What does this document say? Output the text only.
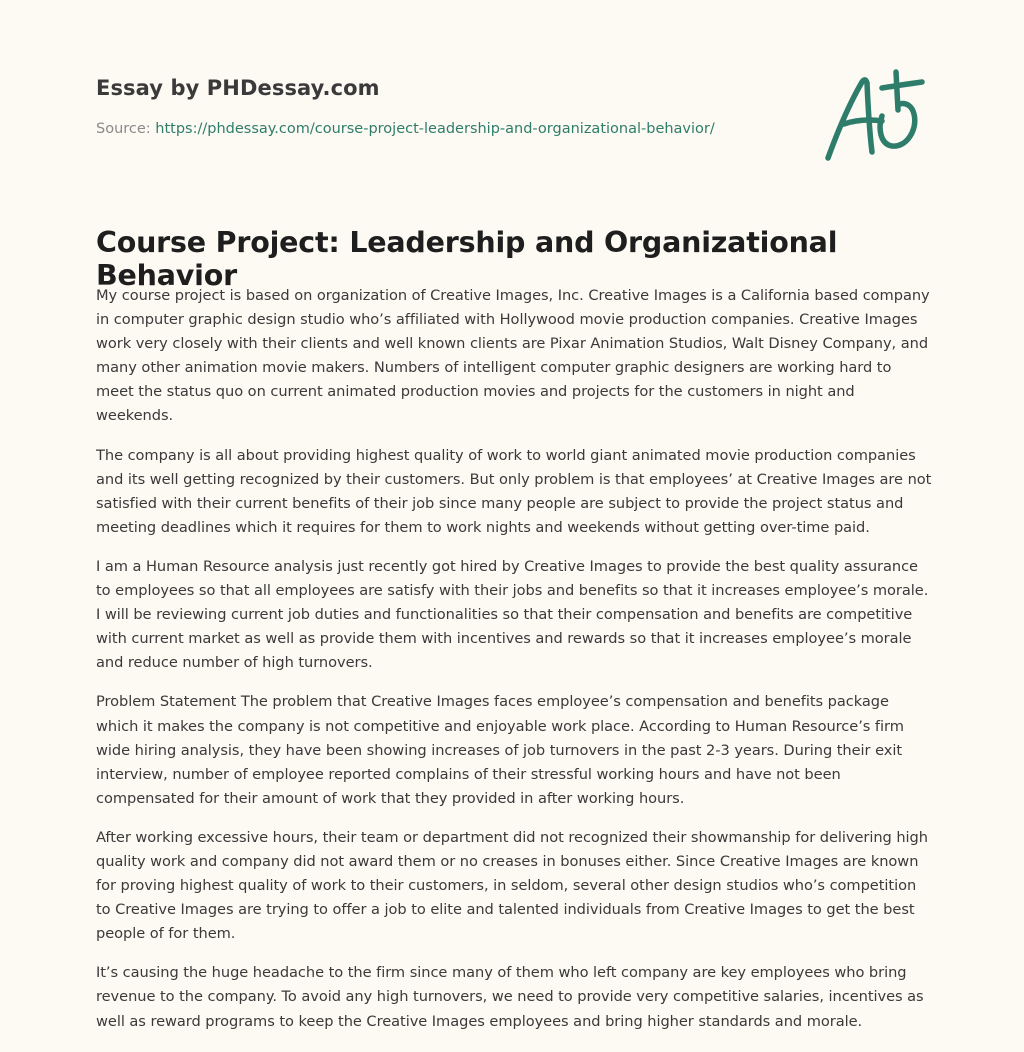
Essay by PHDessay.com
Source: https://phdessay.com/course-project-leadership-and-organizational-behavior/
Course Project: Leadership and Organizational Behavior

My course project is based on organization of Creative Images, Inc. Creative Images is a California based company in computer graphic design studio who’s affiliated with Hollywood movie production companies. Creative Images work very closely with their clients and well known clients are Pixar Animation Studios, Walt Disney Company, and many other animation movie makers. Numbers of intelligent computer graphic designers are working hard to meet the status quo on current animated production movies and projects for the customers in night and weekends.

The company is all about providing highest quality of work to world giant animated movie production companies and its well getting recognized by their customers. But only problem is that employees’ at Creative Images are not satisfied with their current benefits of their job since many people are subject to provide the project status and meeting deadlines which it requires for them to work nights and weekends without getting over-time paid.

I am a Human Resource analysis just recently got hired by Creative Images to provide the best quality assurance to employees so that all employees are satisfy with their jobs and benefits so that it increases employee’s morale. I will be reviewing current job duties and functionalities so that their compensation and benefits are competitive with current market as well as provide them with incentives and rewards so that it increases employee’s morale and reduce number of high turnovers.

Problem Statement The problem that Creative Images faces employee’s compensation and benefits package which it makes the company is not competitive and enjoyable work place. According to Human Resource’s firm wide hiring analysis, they have been showing increases of job turnovers in the past 2-3 years. During their exit interview, number of employee reported complains of their stressful working hours and have not been compensated for their amount of work that they provided in after working hours.

After working excessive hours, their team or department did not recognized their showmanship for delivering high quality work and company did not award them or no creases in bonuses either. Since Creative Images are known for proving highest quality of work to their customers, in seldom, several other design studios who’s competition to Creative Images are trying to offer a job to elite and talented individuals from Creative Images to get the best people of for them.

It’s causing the huge headache to the firm since many of them who left company are key employees who bring revenue to the company. To avoid any high turnovers, we need to provide very competitive salaries, incentives as well as reward programs to keep the Creative Images employees and bring higher standards and morale.
